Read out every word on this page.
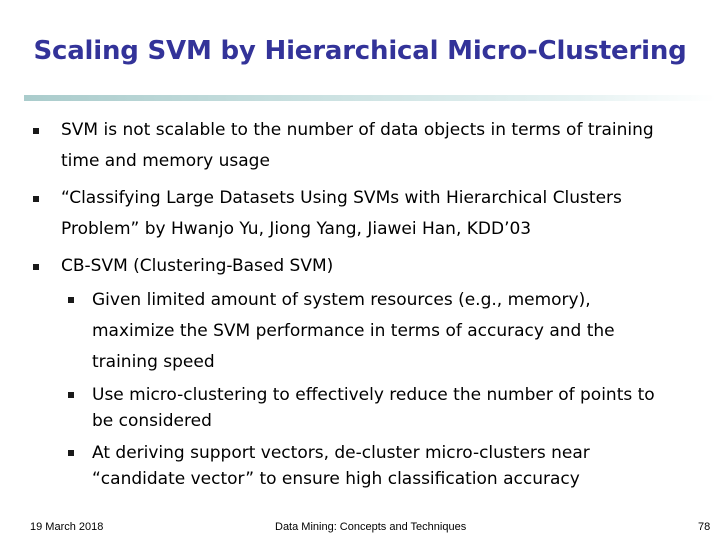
Scaling SVM by Hierarchical Micro-Clustering
SVM is not scalable to the number of data objects in terms of training
time and memory usage
“Classifying Large Datasets Using SVMs with Hierarchical Clusters
Problem” by Hwanjo Yu, Jiong Yang, Jiawei Han, KDD’03
CB-SVM (Clustering-Based SVM)
Given limited amount of system resources (e.g., memory),
maximize the SVM performance in terms of accuracy and the
training speed
Use micro-clustering to effectively reduce the number of points to
be considered
At deriving support vectors, de-cluster micro-clusters near
“candidate vector” to ensure high classification accuracy
19 March 2018	Data Mining: Concepts and Techniques	78
